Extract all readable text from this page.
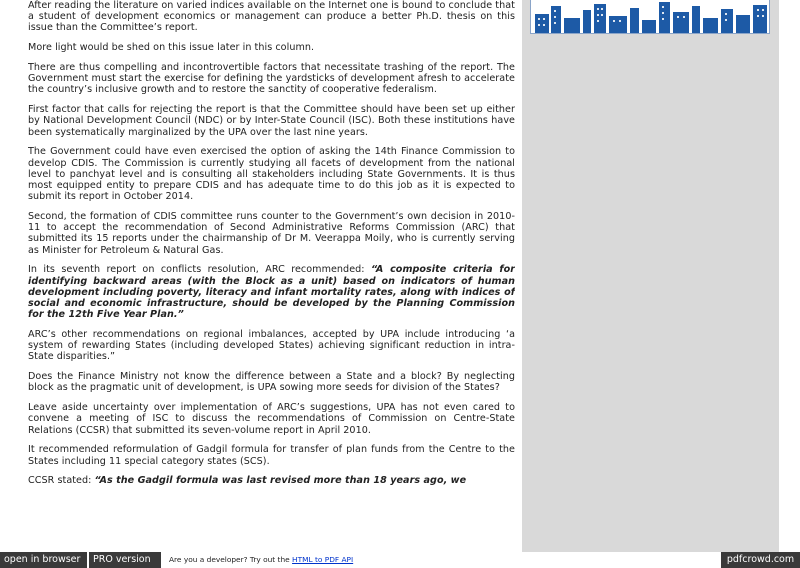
After reading the literature on varied indices available on the Internet one is bound to conclude that a student of development economics or management can produce a better Ph.D. thesis on this issue than the Committee’s report.

More light would be shed on this issue later in this column.

There are thus compelling and incontrovertible factors that necessitate trashing of the report. The Government must start the exercise for defining the yardsticks of development afresh to accelerate the country’s inclusive growth and to restore the sanctity of cooperative federalism.

First factor that calls for rejecting the report is that the Committee should have been set up either by National Development Council (NDC) or by Inter-State Council (ISC). Both these institutions have been systematically marginalized by the UPA over the last nine years.

The Government could have even exercised the option of asking the 14th Finance Commission to develop CDIS. The Commission is currently studying all facets of development from the national level to panchyat level and is consulting all stakeholders including State Governments. It is thus most equipped entity to prepare CDIS and has adequate time to do this job as it is expected to submit its report in October 2014.

Second, the formation of CDIS committee runs counter to the Government’s own decision in 2010-11 to accept the recommendation of Second Administrative Reforms Commission (ARC) that submitted its 15 reports under the chairmanship of Dr M. Veerappa Moily, who is currently serving as Minister for Petroleum & Natural Gas.

In its seventh report on conflicts resolution, ARC recommended: “A composite criteria for identifying backward areas (with the Block as a unit) based on indicators of human development including poverty, literacy and infant mortality rates, along with indices of social and economic infrastructure, should be developed by the Planning Commission for the 12th Five Year Plan.”

ARC’s other recommendations on regional imbalances, accepted by UPA include introducing ‘a system of rewarding States (including developed States) achieving significant reduction in intra-State disparities.”

Does the Finance Ministry not know the difference between a State and a block? By neglecting block as the pragmatic unit of development, is UPA sowing more seeds for division of the States?

Leave aside uncertainty over implementation of ARC’s suggestions, UPA has not even cared to convene a meeting of ISC to discuss the recommendations of Commission on Centre-State Relations (CCSR) that submitted its seven-volume report in April 2010.

It recommended reformulation of Gadgil formula for transfer of plan funds from the Centre to the States including 11 special category states (SCS).

CCSR stated: “As the Gadgil formula was last revised more than 18 years ago, we

open in browser	PRO version	Are you a developer? Try out the HTML to PDF API	pdfcrowd.com
